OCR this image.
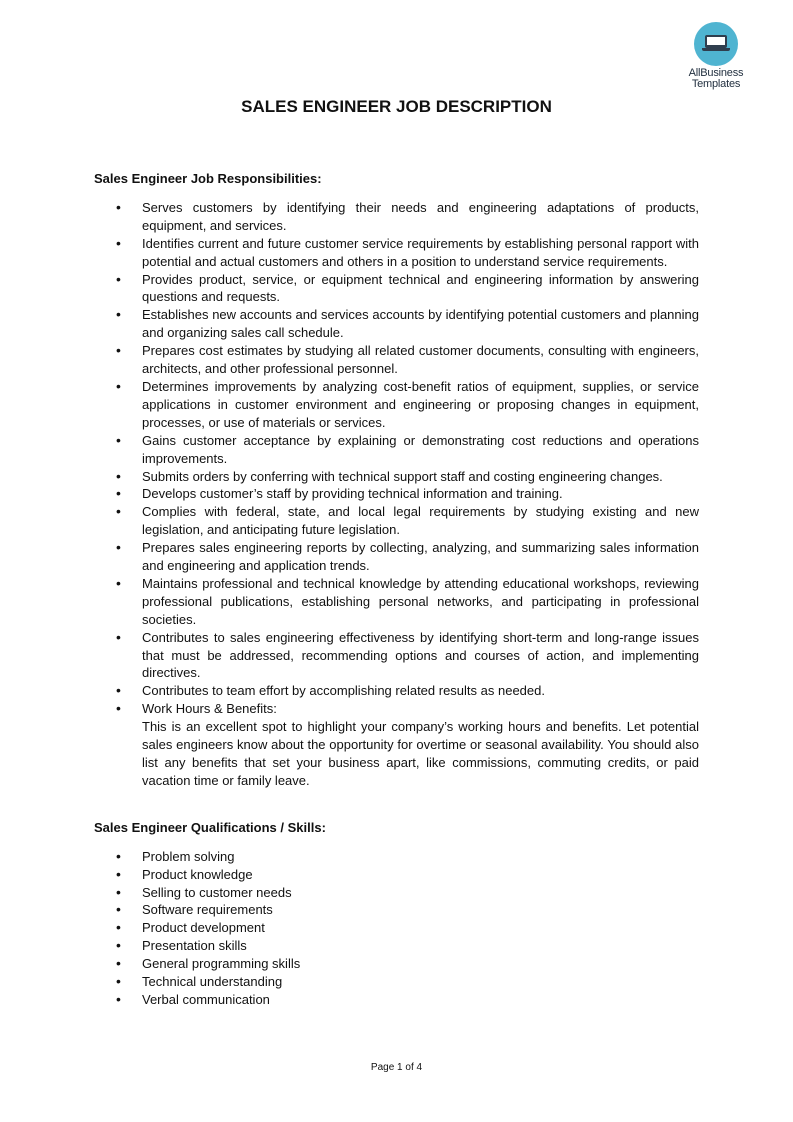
AllBusiness
Templates
SALES ENGINEER JOB DESCRIPTION
Sales Engineer Job Responsibilities:
• Serves customers by identifying their needs and engineering adaptations of products, equipment, and services.
• Identifies current and future customer service requirements by establishing personal rapport with potential and actual customers and others in a position to understand service requirements.
• Provides product, service, or equipment technical and engineering information by answering questions and requests.
• Establishes new accounts and services accounts by identifying potential customers and planning and organizing sales call schedule.
• Prepares cost estimates by studying all related customer documents, consulting with engineers, architects, and other professional personnel.
• Determines improvements by analyzing cost-benefit ratios of equipment, supplies, or service applications in customer environment and engineering or proposing changes in equipment, processes, or use of materials or services.
• Gains customer acceptance by explaining or demonstrating cost reductions and operations improvements.
• Submits orders by conferring with technical support staff and costing engineering changes.
• Develops customer’s staff by providing technical information and training.
• Complies with federal, state, and local legal requirements by studying existing and new legislation, and anticipating future legislation.
• Prepares sales engineering reports by collecting, analyzing, and summarizing sales information and engineering and application trends.
• Maintains professional and technical knowledge by attending educational workshops, reviewing professional publications, establishing personal networks, and participating in professional societies.
• Contributes to sales engineering effectiveness by identifying short-term and long-range issues that must be addressed, recommending options and courses of action, and implementing directives.
• Contributes to team effort by accomplishing related results as needed.
• Work Hours & Benefits:
This is an excellent spot to highlight your company’s working hours and benefits. Let potential sales engineers know about the opportunity for overtime or seasonal availability. You should also list any benefits that set your business apart, like commissions, commuting credits, or paid vacation time or family leave.
Sales Engineer Qualifications / Skills:
• Problem solving
• Product knowledge
• Selling to customer needs
• Software requirements
• Product development
• Presentation skills
• General programming skills
• Technical understanding
• Verbal communication
Page 1 of 4
